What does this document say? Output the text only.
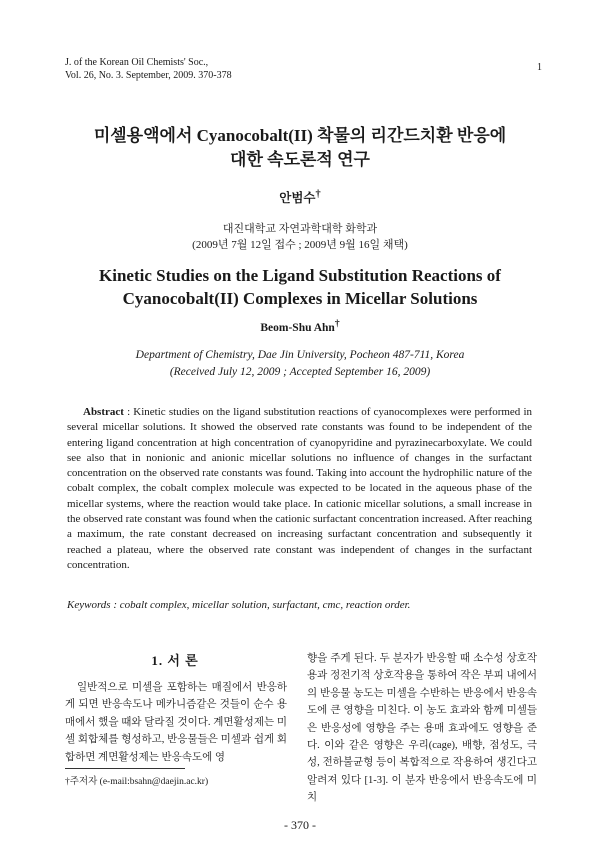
J. of the Korean Oil Chemists' Soc.,
Vol. 26, No. 3. September, 2009. 370-378
1
미셀용액에서 Cyanocobalt(II) 착물의 리간드치환 반응에
대한 속도론적 연구
안범수†
대진대학교 자연과학대학 화학과
(2009년 7월 12일 접수 ; 2009년 9월 16일 채택)
Kinetic Studies on the Ligand Substitution Reactions of
Cyanocobalt(II) Complexes in Micellar Solutions
Beom-Shu Ahn†
Department of Chemistry, Dae Jin University, Pocheon 487-711, Korea
(Received July 12, 2009 ; Accepted September 16, 2009)
Abstract : Kinetic studies on the ligand substitution reactions of cyanocomplexes were performed in several micellar solutions. It showed the observed rate constants was found to be independent of the entering ligand concentration at high concentration of cyanopyridine and pyrazinecarboxylate. We could see also that in nonionic and anionic micellar solutions no influence of changes in the surfactant concentration on the observed rate constants was found. Taking into account the hydrophilic nature of the cobalt complex, the cobalt complex molecule was expected to be located in the aqueous phase of the micellar systems, where the reaction would take place. In cationic micellar solutions, a small increase in the observed rate constant was found when the cationic surfactant concentration increased. After reaching a maximum, the rate constant decreased on increasing surfactant concentration and subsequently it reached a plateau, where the observed rate constant was independent of changes in the surfactant concentration.
Keywords : cobalt complex, micellar solution, surfactant, cmc, reaction order.
1. 서 론
일반적으로 미셀을 포함하는 매질에서 반응하게 되면 반응속도나 메카니즘같은 것들이 순수 용매에서 했을 때와 달라질 것이다. 계면활성제는 미셀 회합체를 형성하고, 반응물들은 미셀과 쉽게 회합하면 계면활성제는 반응속도에 영
향을 주게 된다. 두 분자가 반응할 때 소수성 상호작용과 정전기적 상호작용을 통하여 작은 부피 내에서의 반응물 농도는 미셀을 수반하는 반응에서 반응속도에 큰 영향을 미친다. 이 농도 효과와 함께 미셀들은 반응성에 영향을 주는 용매 효과에도 영향을 준다. 이와 같은 영향은 우리(cage), 배향, 점성도, 극성, 전하불균형 등이 복합적으로 작용하여 생긴다고 알려져 있다 [1-3]. 이 분자 반응에서 반응속도에 미치
†주저자 (e-mail:bsahn@daejin.ac.kr)
- 370 -
